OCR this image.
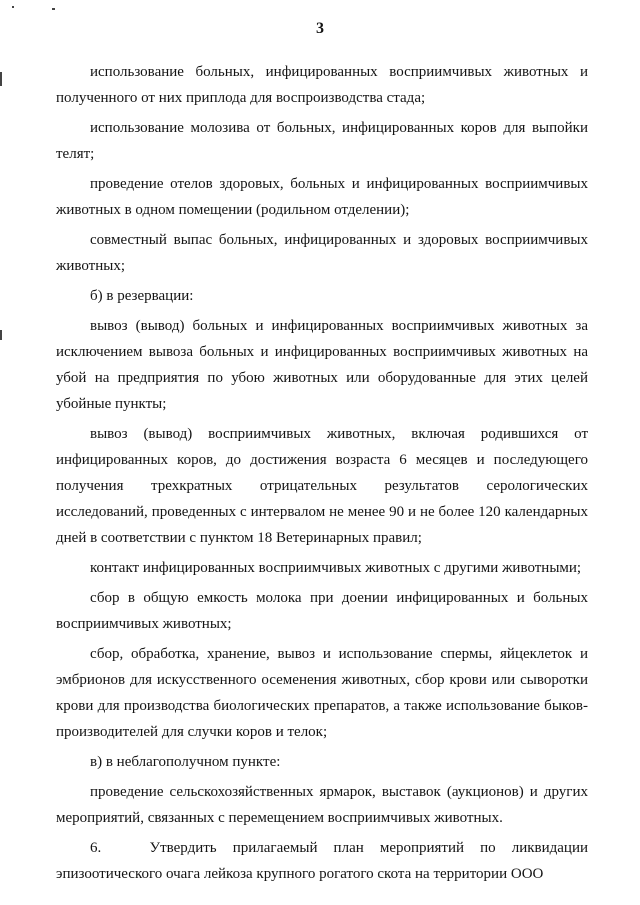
3

использование больных, инфицированных восприимчивых животных и полученного от них приплода для воспроизводства стада;

использование молозива от больных, инфицированных коров для выпойки телят;

проведение отелов здоровых, больных и инфицированных восприимчивых животных в одном помещении (родильном отделении);

совместный выпас больных, инфицированных и здоровых восприимчивых животных;

б) в резервации:

вывоз (вывод) больных и инфицированных восприимчивых животных за исключением вывоза больных и инфицированных восприимчивых животных на убой на предприятия по убою животных или оборудованные для этих целей убойные пункты;

вывоз (вывод) восприимчивых животных, включая родившихся от инфицированных коров, до достижения возраста 6 месяцев и последующего получения трехкратных отрицательных результатов серологических исследований, проведенных с интервалом не менее 90 и не более 120 календарных дней в соответствии с пунктом 18 Ветеринарных правил;

контакт инфицированных восприимчивых животных с другими животными;

сбор в общую емкость молока при доении инфицированных и больных восприимчивых животных;

сбор, обработка, хранение, вывоз и использование спермы, яйцеклеток и эмбрионов для искусственного осеменения животных, сбор крови или сыворотки крови для производства биологических препаратов, а также использование быков-производителей для случки коров и телок;

в) в неблагополучном пункте:

проведение сельскохозяйственных ярмарок, выставок (аукционов) и других мероприятий, связанных с перемещением восприимчивых животных.

6.   Утвердить прилагаемый план мероприятий по ликвидации эпизоотического очага лейкоза крупного рогатого скота на территории ООО
